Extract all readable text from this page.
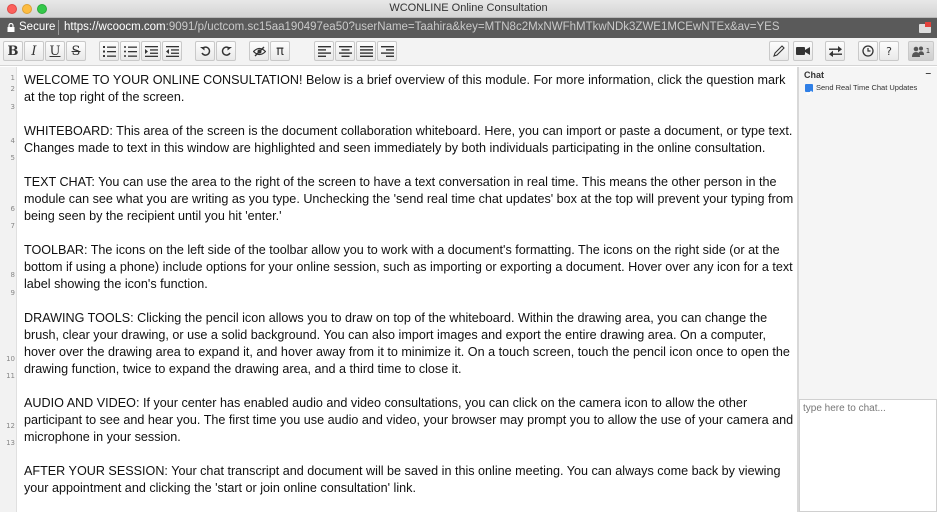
WCONLINE Online Consultation
Secure https://wcoocm.com:9091/p/uctcom.sc15aa190497ea50?userName=Taahira&key=MTN8c2MxNWFhMTkwNDk3ZWE1MCEwNTEx&av=YES
B I U S	π	?	1
1
2
3
4
5
6
7
8
9
10
11
12
13

WELCOME TO YOUR ONLINE CONSULTATION! Below is a brief overview of this module. For more information, click the question mark at the top right of the screen.

WHITEBOARD: This area of the screen is the document collaboration whiteboard. Here, you can import or paste a document, or type text. Changes made to text in this window are highlighted and seen immediately by both individuals participating in the online consultation.

TEXT CHAT: You can use the area to the right of the screen to have a text conversation in real time. This means the other person in the module can see what you are writing as you type. Unchecking the 'send real time chat updates' box at the top will prevent your typing from being seen by the recipient until you hit 'enter.'

TOOLBAR: The icons on the left side of the toolbar allow you to work with a document's formatting. The icons on the right side (or at the bottom if using a phone) include options for your online session, such as importing or exporting a document. Hover over any icon for a text label showing the icon's function.

DRAWING TOOLS: Clicking the pencil icon allows you to draw on top of the whiteboard. Within the drawing area, you can change the brush, clear your drawing, or use a solid background. You can also import images and export the entire drawing area. On a computer, hover over the drawing area to expand it, and hover away from it to minimize it. On a touch screen, touch the pencil icon once to open the drawing function, twice to expand the drawing area, and a third time to close it.

AUDIO AND VIDEO: If your center has enabled audio and video consultations, you can click on the camera icon to allow the other participant to see and hear you. The first time you use audio and video, your browser may prompt you to allow the use of your camera and microphone in your session.

AFTER YOUR SESSION: Your chat transcript and document will be saved in this online meeting. You can always come back by viewing your appointment and clicking the 'start or join online consultation' link.

Chat	–
Send Real Time Chat Updates
type here to chat...
